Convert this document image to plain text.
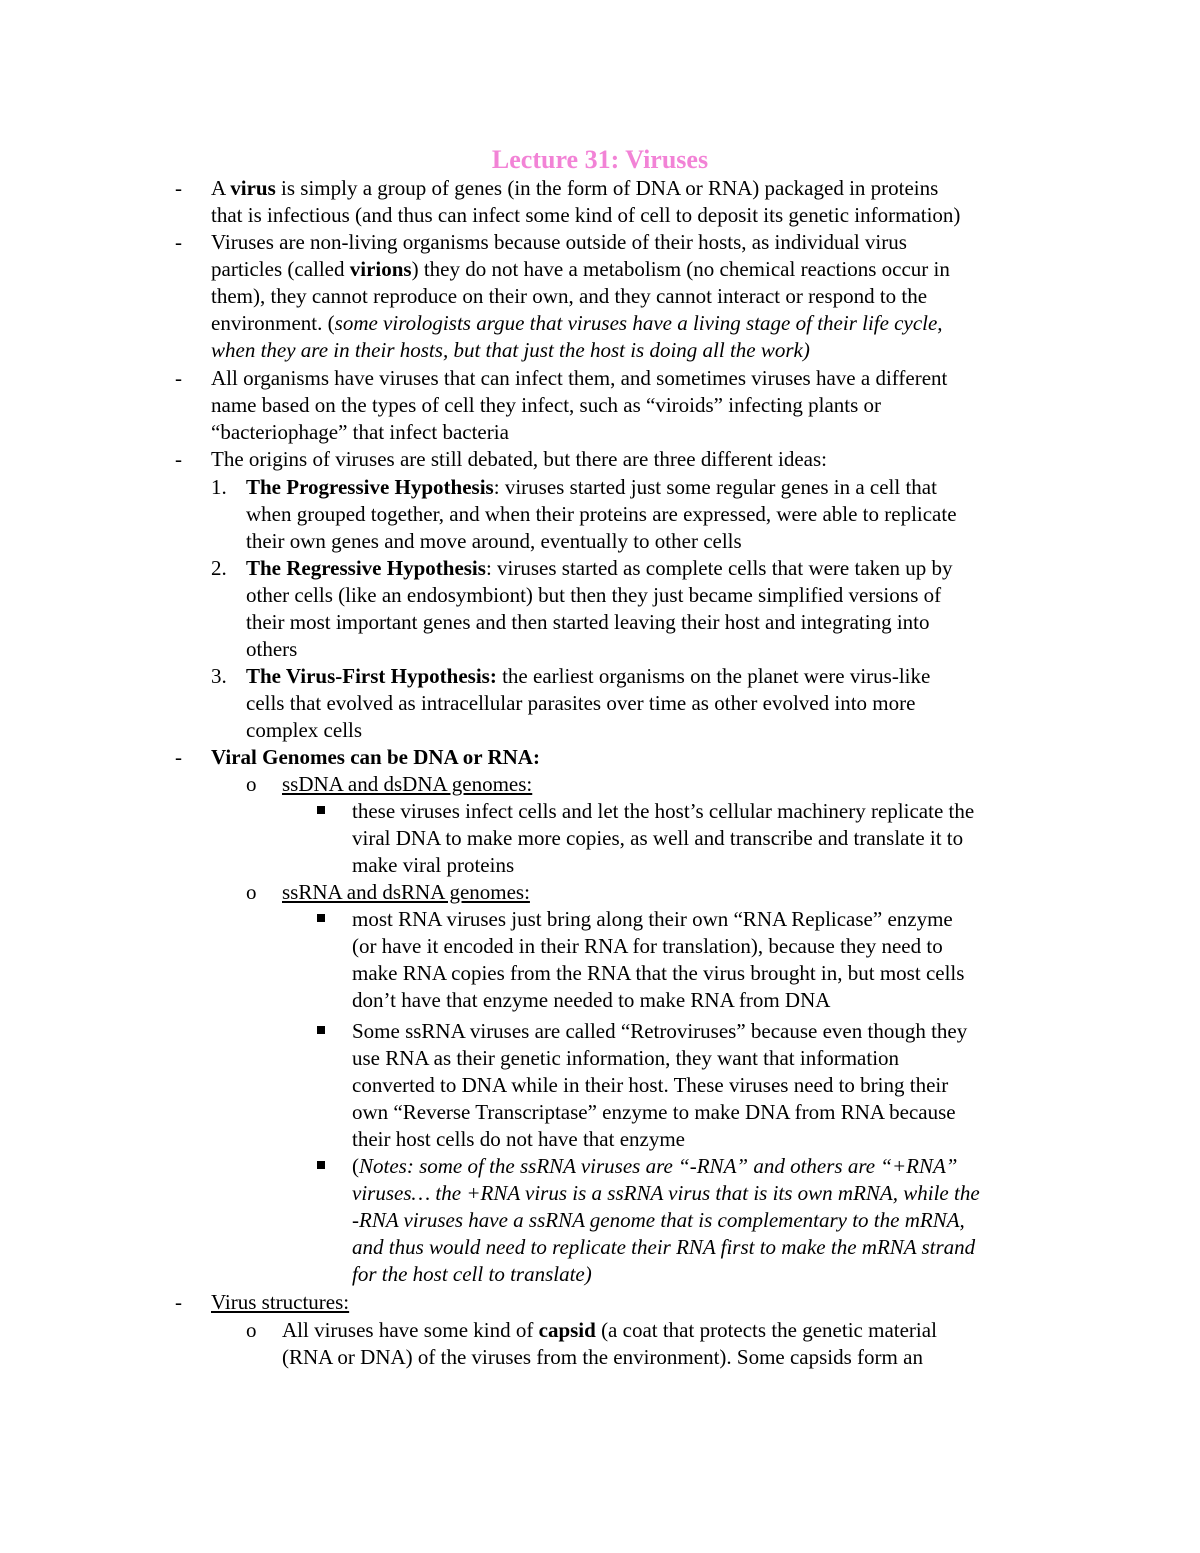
Lecture 31: Viruses
- A virus is simply a group of genes (in the form of DNA or RNA) packaged in proteins
that is infectious (and thus can infect some kind of cell to deposit its genetic information)
- Viruses are non-living organisms because outside of their hosts, as individual virus
particles (called virions) they do not have a metabolism (no chemical reactions occur in
them), they cannot reproduce on their own, and they cannot interact or respond to the
environment. (some virologists argue that viruses have a living stage of their life cycle,
when they are in their hosts, but that just the host is doing all the work)
- All organisms have viruses that can infect them, and sometimes viruses have a different
name based on the types of cell they infect, such as “viroids” infecting plants or
“bacteriophage” that infect bacteria
- The origins of viruses are still debated, but there are three different ideas:
1. The Progressive Hypothesis: viruses started just some regular genes in a cell that
when grouped together, and when their proteins are expressed, were able to replicate
their own genes and move around, eventually to other cells
2. The Regressive Hypothesis: viruses started as complete cells that were taken up by
other cells (like an endosymbiont) but then they just became simplified versions of
their most important genes and then started leaving their host and integrating into
others
3. The Virus-First Hypothesis: the earliest organisms on the planet were virus-like
cells that evolved as intracellular parasites over time as other evolved into more
complex cells
- Viral Genomes can be DNA or RNA:
o ssDNA and dsDNA genomes:
these viruses infect cells and let the host’s cellular machinery replicate the
viral DNA to make more copies, as well and transcribe and translate it to
make viral proteins
o ssRNA and dsRNA genomes:
most RNA viruses just bring along their own “RNA Replicase” enzyme
(or have it encoded in their RNA for translation), because they need to
make RNA copies from the RNA that the virus brought in, but most cells
don’t have that enzyme needed to make RNA from DNA
Some ssRNA viruses are called “Retroviruses” because even though they
use RNA as their genetic information, they want that information
converted to DNA while in their host. These viruses need to bring their
own “Reverse Transcriptase” enzyme to make DNA from RNA because
their host cells do not have that enzyme
(Notes: some of the ssRNA viruses are “-RNA” and others are “+RNA”
viruses… the +RNA virus is a ssRNA virus that is its own mRNA, while the
-RNA viruses have a ssRNA genome that is complementary to the mRNA,
and thus would need to replicate their RNA first to make the mRNA strand
for the host cell to translate)
- Virus structures:
o All viruses have some kind of capsid (a coat that protects the genetic material
(RNA or DNA) of the viruses from the environment). Some capsids form an
